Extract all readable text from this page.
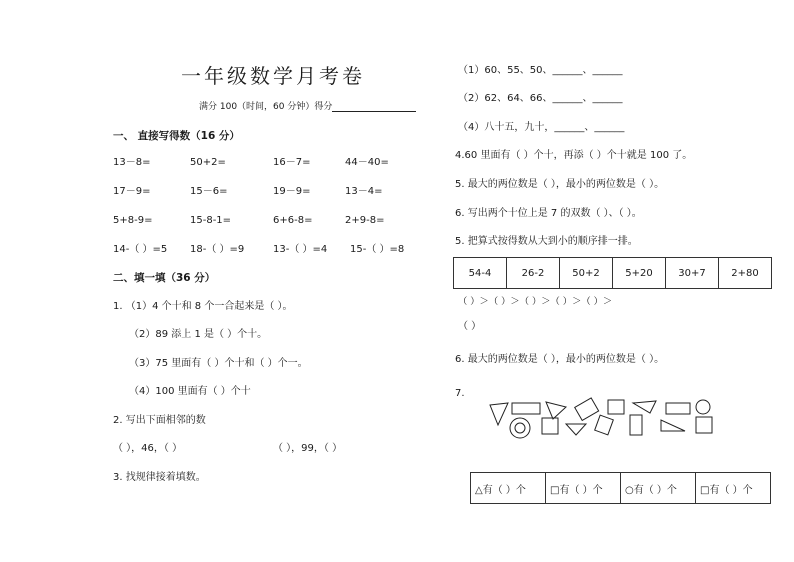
一年级数学月考卷
满分 100（时间，60 分钟）得分
一、 直接写得数（16 分）
13－8=	50+2=	16－7=	44－40=
17－9=	15－6=	19－9=	13－4=
5+8-9=	15-8-1=	6+6-8=	2+9-8=
14-（ ）=5 18-（ ）=9	13-（ ）=4 15-（ ）=8
二、填一填（36 分）
1. （1）4 个十和 8 个一合起来是（ ）。
（2）89 添上 1 是（ ）个十。
（3）75 里面有（ ）个十和（ ）个一。
（4）100 里面有（ ）个十
2. 写出下面相邻的数
（ ），46，（ ）	（ ），99，（ ）
3. 找规律接着填数。
（1）60、55、50、______、______
（2）62、64、66、______、______
（4）八十五，九十，______、______
4.60 里面有（ ）个十，再添（ ）个十就是 100 了。
5. 最大的两位数是（ ），最小的两位数是（ ）。
6. 写出两个十位上是 7 的双数（ ）、（ ）。
5. 把算式按得数从大到小的顺序排一排。
54-4	26-2	50+2	5+20	30+7	2+80
（ ）＞（ ）＞（ ）＞（ ）＞（ ）＞
（ ）
6. 最大的两位数是（ ），最小的两位数是（ ）。
7.
△有（ ）个	□有（ ）个	○有（ ）个	□有（ ）个
